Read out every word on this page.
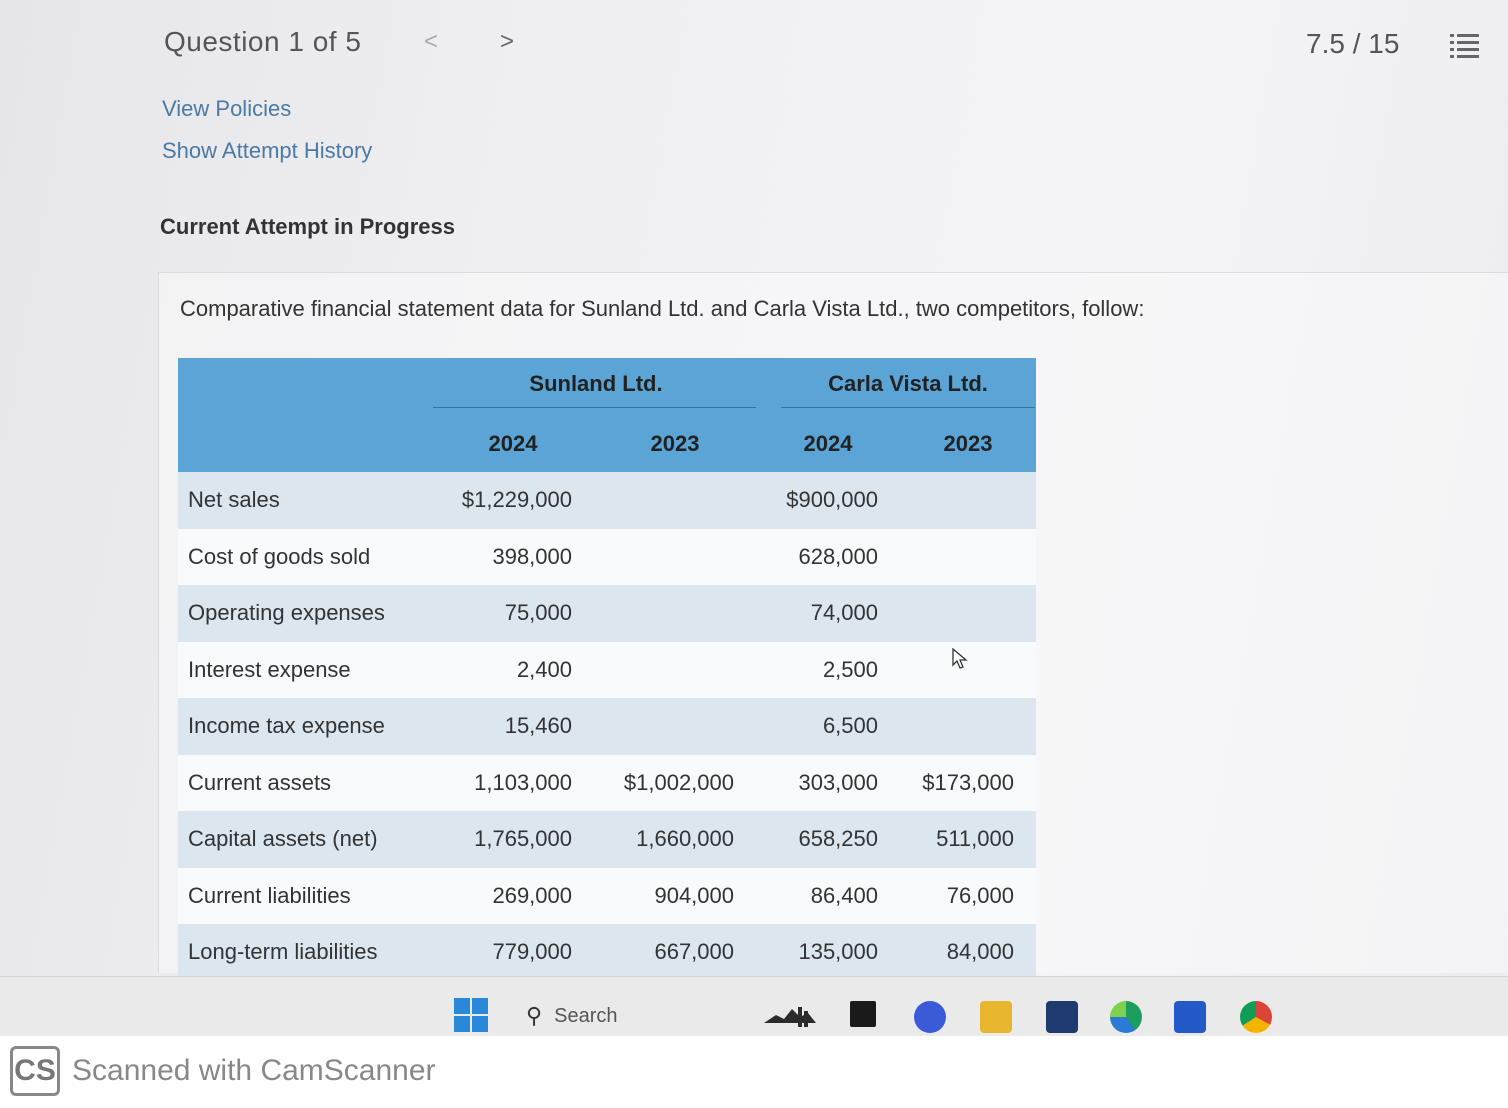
Question 1 of 5	<	>	7.5 / 15
View Policies
Show Attempt History
Current Attempt in Progress
Comparative financial statement data for Sunland Ltd. and Carla Vista Ltd., two competitors, follow:

	Sunland Ltd.		Carla Vista Ltd.	

	2024	2023	2024	2023
Net sales	$1,229,000		$900,000	
Cost of goods sold	398,000		628,000	
Operating expenses	75,000		74,000	
Interest expense	2,400		2,500	
Income tax expense	15,460		6,500	
Current assets	1,103,000	$1,002,000	303,000	$173,000
Capital assets (net)	1,765,000	1,660,000	658,250	511,000
Current liabilities	269,000	904,000	86,400	76,000
Long-term liabilities	779,000	667,000	135,000	84,000
⚲ Search
CS Scanned with CamScanner
